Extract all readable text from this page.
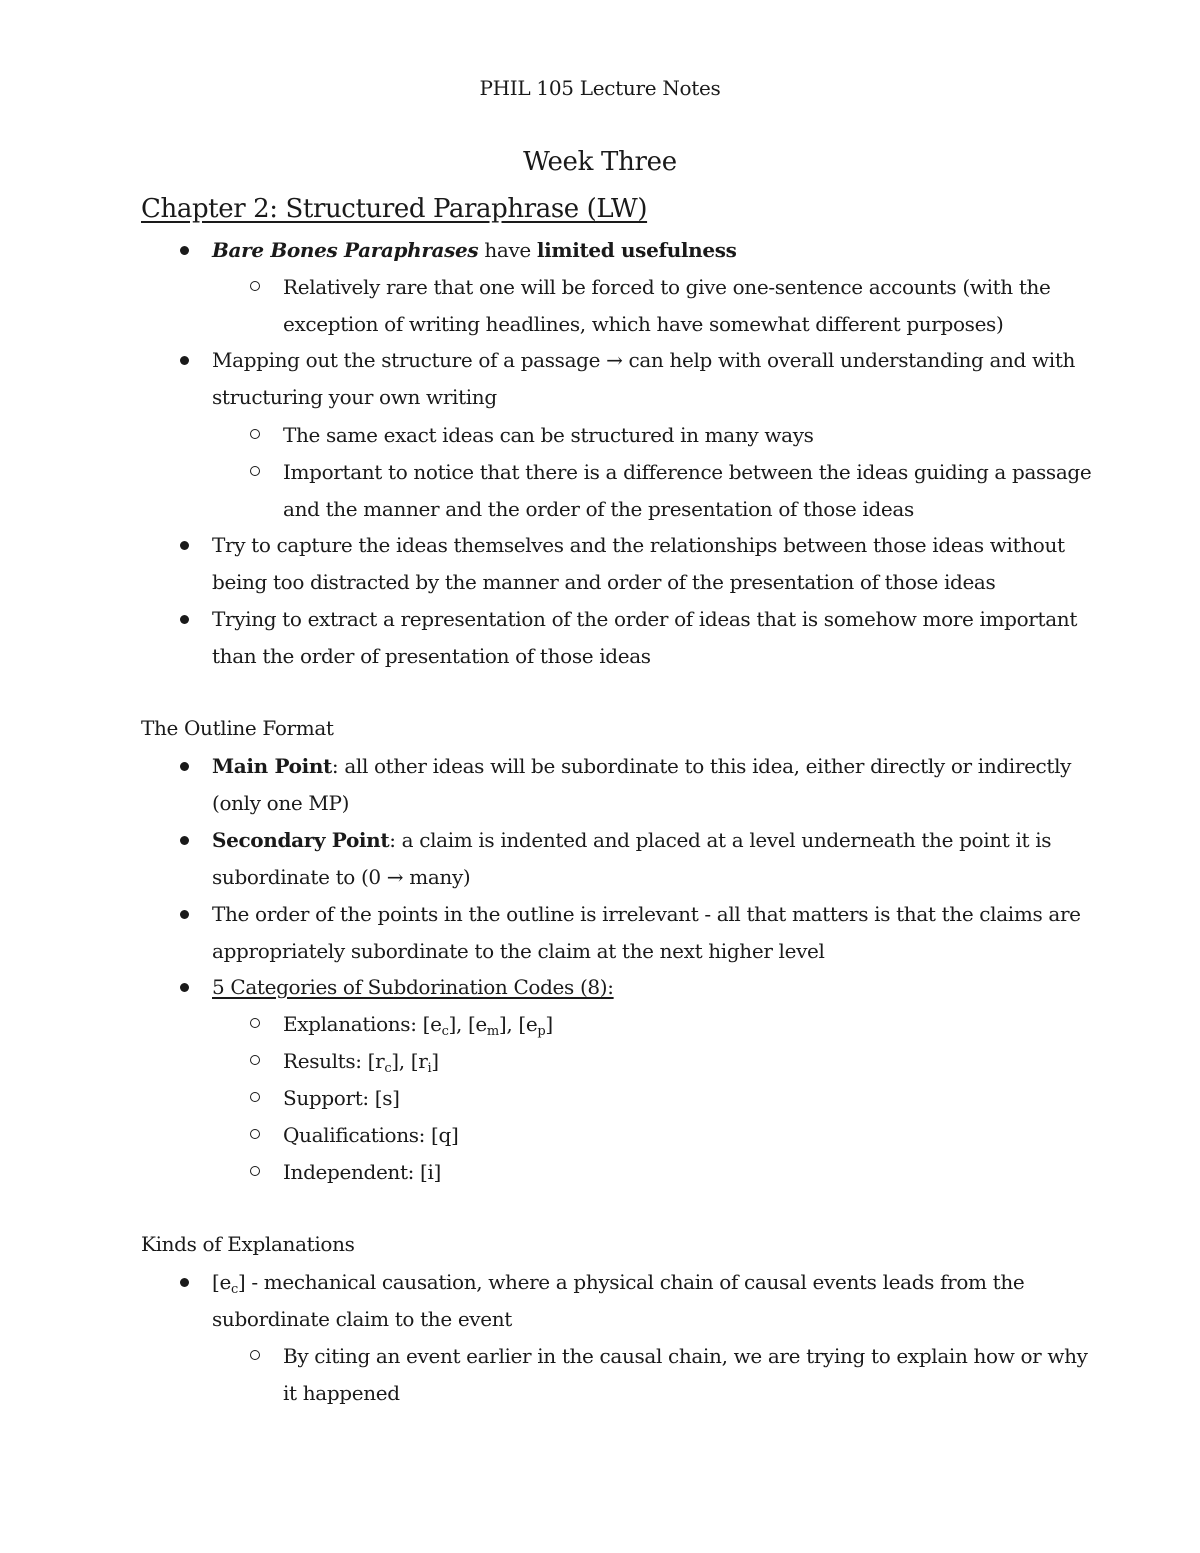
PHIL 105 Lecture Notes
Week Three
Chapter 2: Structured Paraphrase (LW)
Bare Bones Paraphrases have limited usefulness
Relatively rare that one will be forced to give one-sentence accounts (with the
exception of writing headlines, which have somewhat different purposes)
Mapping out the structure of a passage → can help with overall understanding and with
structuring your own writing
The same exact ideas can be structured in many ways
Important to notice that there is a difference between the ideas guiding a passage
and the manner and the order of the presentation of those ideas
Try to capture the ideas themselves and the relationships between those ideas without
being too distracted by the manner and order of the presentation of those ideas
Trying to extract a representation of the order of ideas that is somehow more important
than the order of presentation of those ideas
The Outline Format
Main Point: all other ideas will be subordinate to this idea, either directly or indirectly
(only one MP)
Secondary Point: a claim is indented and placed at a level underneath the point it is
subordinate to (0 → many)
The order of the points in the outline is irrelevant - all that matters is that the claims are
appropriately subordinate to the claim at the next higher level
5 Categories of Subdorination Codes (8):
Explanations: $[e_c]$, $[e_m]$, $[e_p]$
Results: $[r_c]$, $[r_i]$
Support: [s]
Qualifications: [q]
Independent: [i]
Kinds of Explanations
$[e_c]$ - mechanical causation, where a physical chain of causal events leads from the
subordinate claim to the event
By citing an event earlier in the causal chain, we are trying to explain how or why
it happened
